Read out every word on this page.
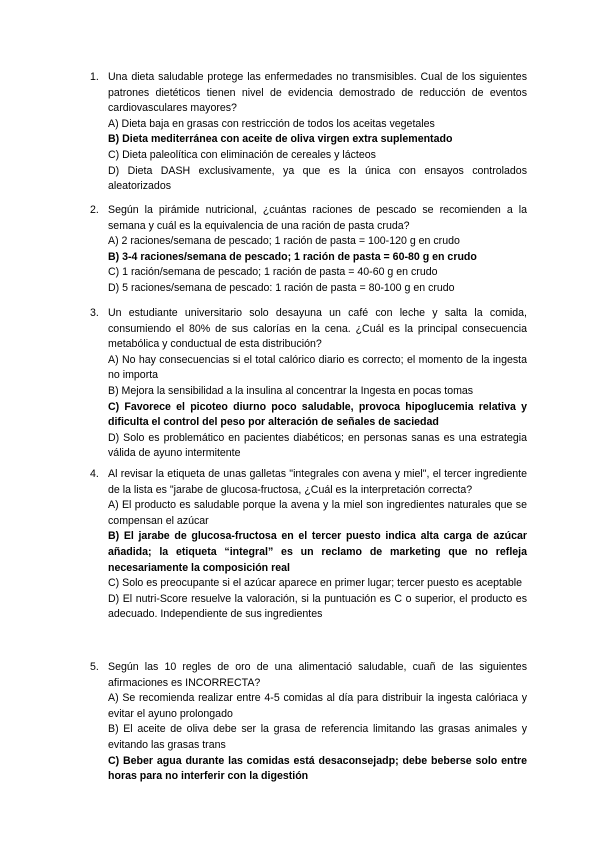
1. Una dieta saludable protege las enfermedades no transmisibles. Cual de los siguientes patrones dietéticos tienen nivel de evidencia demostrado de reducción de eventos cardiovasculares mayores?
A) Dieta baja en grasas con restricción de todos los aceitas vegetales
B) Dieta mediterránea con aceite de oliva virgen extra suplementado
C) Dieta paleolítica con eliminación de cereales y lácteos
D) Dieta DASH exclusivamente, ya que es la única con ensayos controlados aleatorizados
2. Según la pirámide nutricional, ¿cuántas raciones de pescado se recomienden a la semana y cuál es la equivalencia de una ración de pasta cruda?
A) 2 raciones/semana de pescado; 1 ración de pasta = 100-120 g en crudo
B) 3-4 raciones/semana de pescado; 1 ración de pasta = 60-80 g en crudo
C) 1 ración/semana de pescado; 1 ración de pasta = 40-60 g en crudo
D) 5 raciones/semana de pescado: 1 ración de pasta = 80-100 g en crudo
3. Un estudiante universitario solo desayuna un café con leche y salta la comida, consumiendo el 80% de sus calorías en la cena. ¿Cuál es la principal consecuencia metabólica y conductual de esta distribución?
A) No hay consecuencias si el total calórico diario es correcto; el momento de la ingesta no importa
B) Mejora la sensibilidad a la insulina al concentrar la Ingesta en pocas tomas
C) Favorece el picoteo diurno poco saludable, provoca hipoglucemia relativa y dificulta el control del peso por alteración de señales de saciedad
D) Solo es problemático en pacientes diabéticos; en personas sanas es una estrategia válida de ayuno intermitente
4. Al revisar la etiqueta de unas galletas "integrales con avena y miel", el tercer ingrediente de la lista es "jarabe de glucosa-fructosa, ¿Cuál es la interpretación correcta?
A) El producto es saludable porque la avena y la miel son ingredientes naturales que se compensan el azúcar
B) El jarabe de glucosa-fructosa en el tercer puesto indica alta carga de azúcar añadida; la etiqueta “integral” es un reclamo de marketing que no refleja necesariamente la composición real
C) Solo es preocupante si el azúcar aparece en primer lugar; tercer puesto es aceptable
D) El nutri-Score resuelve la valoración, si la puntuación es C o superior, el producto es adecuado. Independiente de sus ingredientes
5. Según las 10 regles de oro de una alimentació saludable, cuañ de las siguientes afirmaciones es INCORRECTA?
A) Se recomienda realizar entre 4-5 comidas al día para distribuir la ingesta calóriaca y evitar el ayuno prolongado
B) El aceite de oliva debe ser la grasa de referencia limitando las grasas animales y evitando las grasas trans
C) Beber agua durante las comidas está desaconsejadp; debe beberse solo entre horas para no interferir con la digestión
